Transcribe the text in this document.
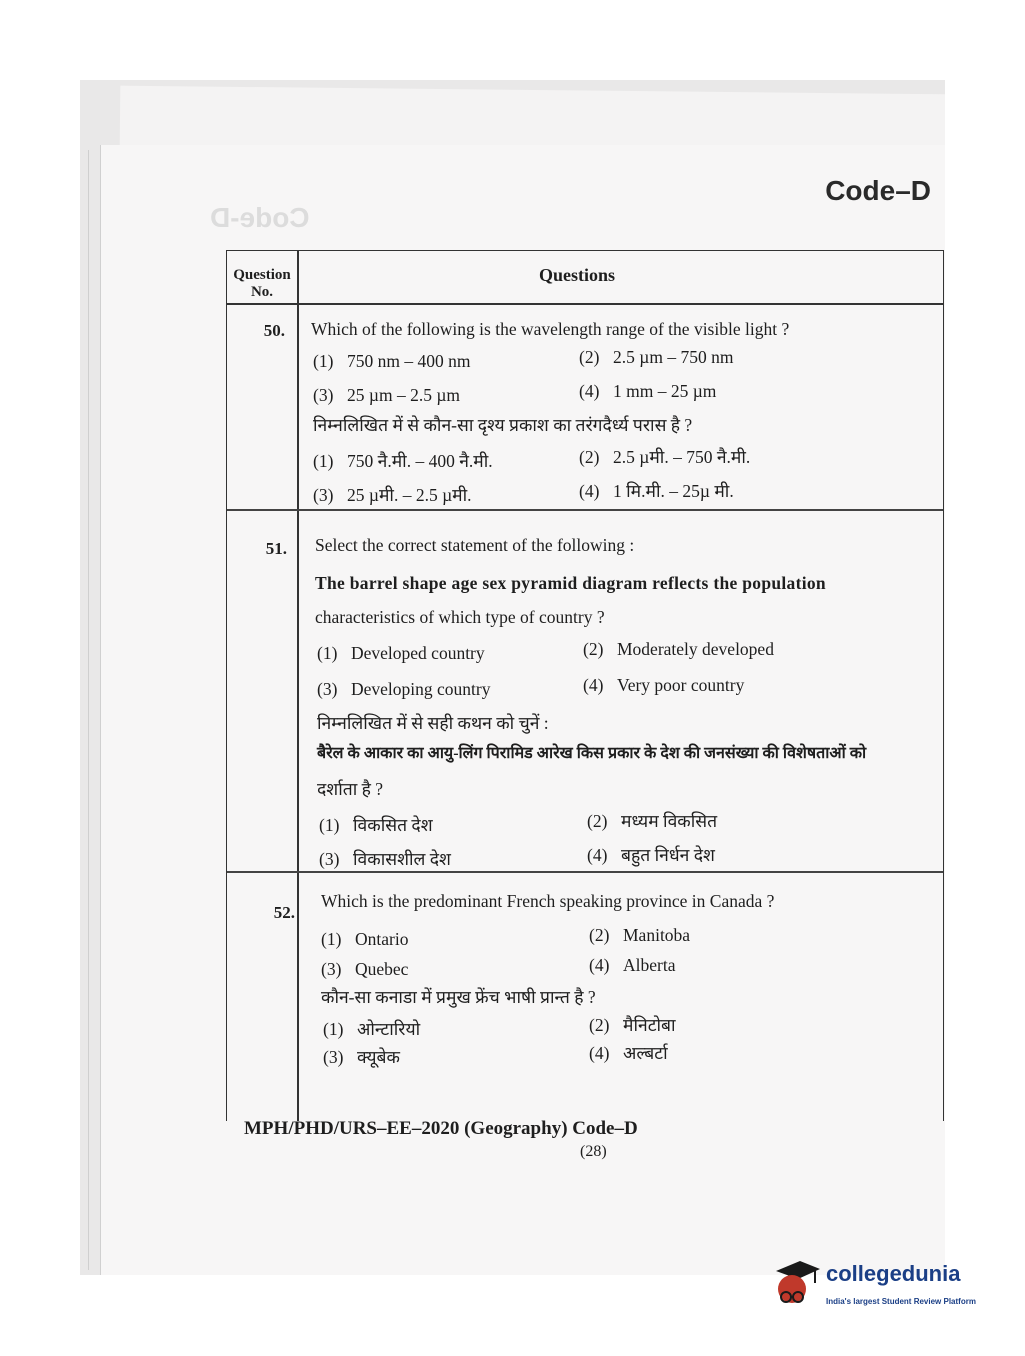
Code-D
Code–D
Question No.
Questions
50. Which of the following is the wavelength range of the visible light ?
(1) 750 nm – 400 nm	(2) 2.5 µm – 750 nm
(3) 25 µm – 2.5 µm	(4) 1 mm – 25 µm
निम्नलिखित में से कौन-सा दृश्य प्रकाश का तरंगदैर्ध्य परास है ?
(1) 750 नै.मी. – 400 नै.मी.	(2) 2.5 µमी. – 750 नै.मी.
(3) 25 µमी. – 2.5 µमी.	(4) 1 मि.मी. – 25µ मी.
51. Select the correct statement of the following :
The barrel shape age sex pyramid diagram reflects the population
characteristics of which type of country ?
(1) Developed country	(2) Moderately developed
(3) Developing country	(4) Very poor country
निम्नलिखित में से सही कथन को चुनें :
बैरेल के आकार का आयु-लिंग पिरामिड आरेख किस प्रकार के देश की जनसंख्या की विशेषताओं को
दर्शाता है ?
(1) विकसित देश	(2) मध्यम विकसित
(3) विकासशील देश	(4) बहुत निर्धन देश
52.
Which is the predominant French speaking province in Canada ?
(1) Ontario	(2) Manitoba
(3) Quebec	(4) Alberta
कौन-सा कनाडा में प्रमुख फ्रेंच भाषी प्रान्त है ?
(1) ओन्टारियो	(2) मैनिटोबा
(3) क्यूबेक	(4) अल्बर्टा
MPH/PHD/URS–EE–2020 (Geography) Code–D
(28)
collegedunia
India's largest Student Review Platform
